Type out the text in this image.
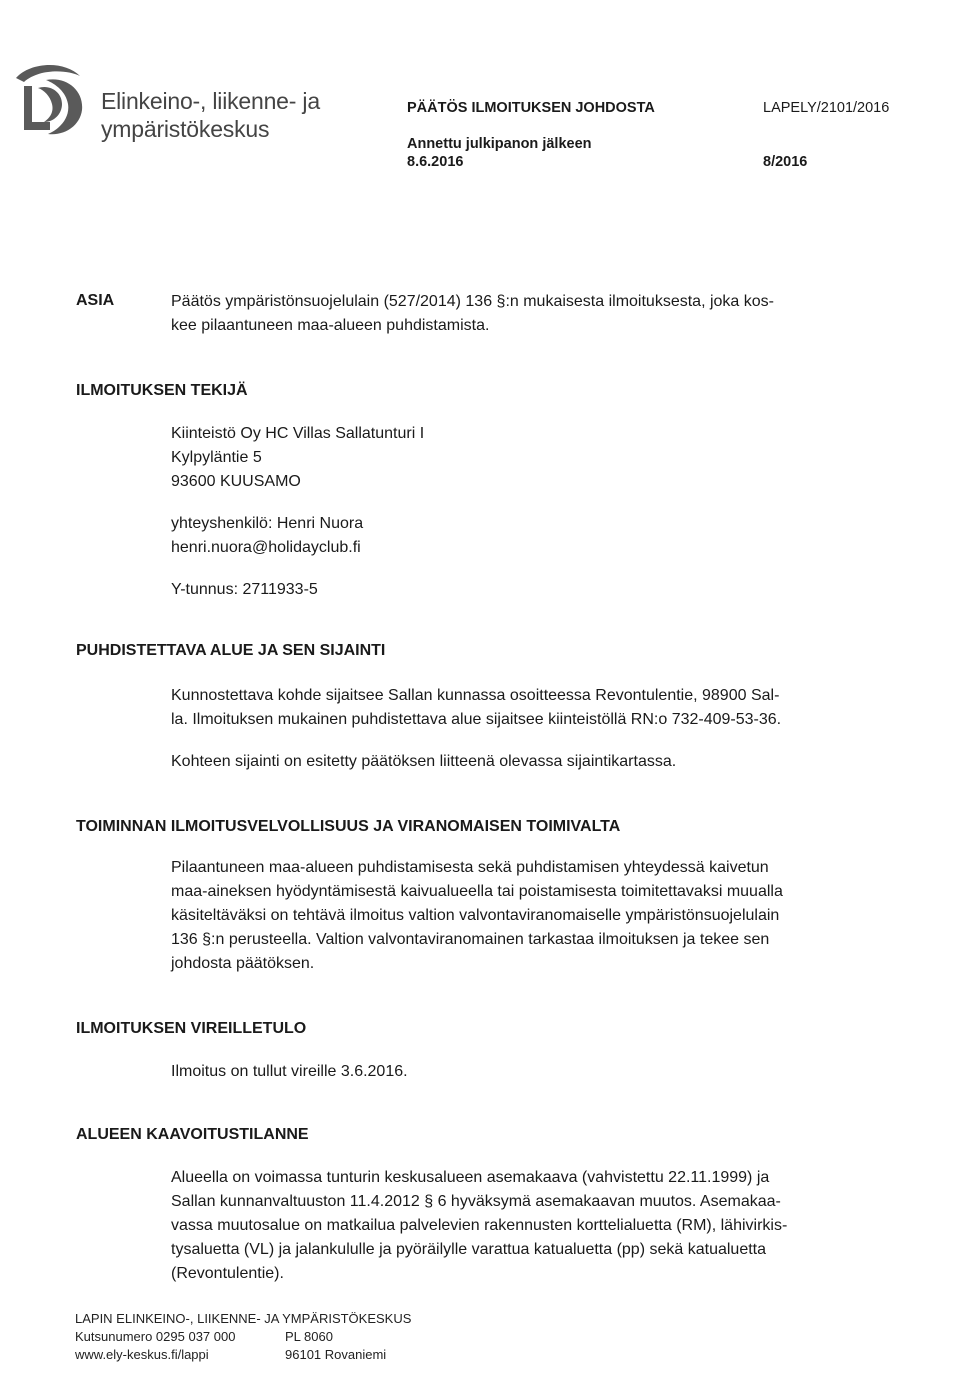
Elinkeino-, liikenne- ja
ympäristökeskus
PÄÄTÖS ILMOITUKSEN JOHDOSTA	LAPELY/2101/2016
Annettu julkipanon jälkeen
8.6.2016	8/2016
ASIA	Päätös ympäristönsuojelulain (527/2014) 136 §:n mukaisesta ilmoituksesta, joka kos-
kee pilaantuneen maa-alueen puhdistamista.
ILMOITUKSEN TEKIJÄ
Kiinteistö Oy HC Villas Sallatunturi I
Kylpyläntie 5
93600 KUUSAMO
yhteyshenkilö: Henri Nuora
henri.nuora@holidayclub.fi
Y-tunnus: 2711933-5
PUHDISTETTAVA ALUE JA SEN SIJAINTI
Kunnostettava kohde sijaitsee Sallan kunnassa osoitteessa Revontulentie, 98900 Sal-
la. Ilmoituksen mukainen puhdistettava alue sijaitsee kiinteistöllä RN:o 732-409-53-36.
Kohteen sijainti on esitetty päätöksen liitteenä olevassa sijaintikartassa.
TOIMINNAN ILMOITUSVELVOLLISUUS JA VIRANOMAISEN TOIMIVALTA
Pilaantuneen maa-alueen puhdistamisesta sekä puhdistamisen yhteydessä kaivetun
maa-aineksen hyödyntämisestä kaivualueella tai poistamisesta toimitettavaksi muualla
käsiteltäväksi on tehtävä ilmoitus valtion valvontaviranomaiselle ympäristönsuojelulain
136 §:n perusteella. Valtion valvontaviranomainen tarkastaa ilmoituksen ja tekee sen
johdosta päätöksen.
ILMOITUKSEN VIREILLETULO
Ilmoitus on tullut vireille 3.6.2016.
ALUEEN KAAVOITUSTILANNE
Alueella on voimassa tunturin keskusalueen asemakaava (vahvistettu 22.11.1999) ja
Sallan kunnanvaltuuston 11.4.2012 § 6 hyväksymä asemakaavan muutos. Asemakaa-
vassa muutosalue on matkailua palvelevien rakennusten korttelialuetta (RM), lähivirkis-
tysaluetta (VL) ja jalankululle ja pyöräilylle varattua katualuetta (pp) sekä katualuetta
(Revontulentie).
LAPIN ELINKEINO-, LIIKENNE- JA YMPÄRISTÖKESKUS
Kutsunumero 0295 037 000	PL 8060
www.ely-keskus.fi/lappi	96101 Rovaniemi
